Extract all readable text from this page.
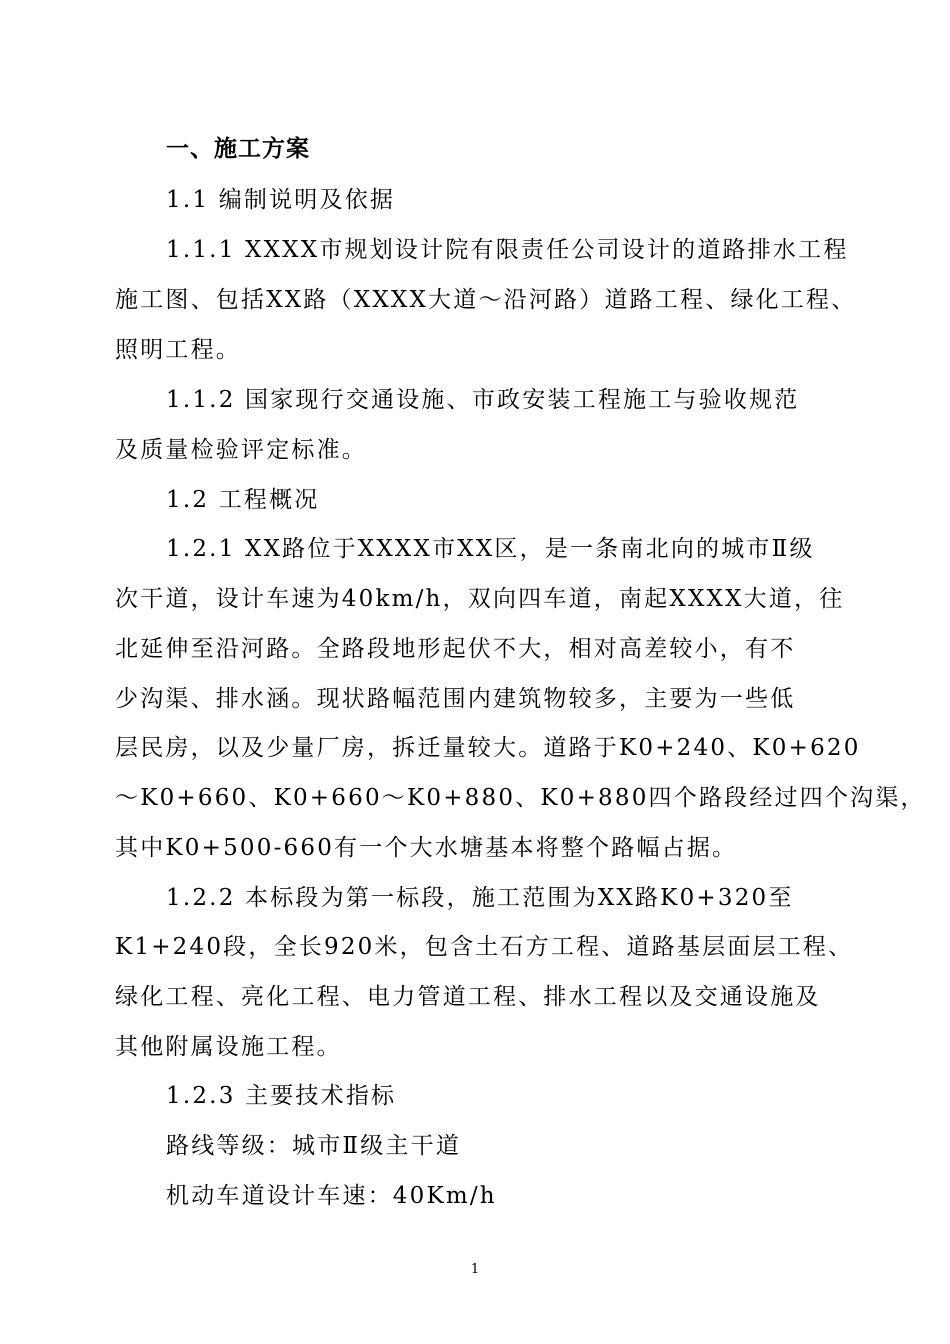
一、施工方案
1.1 编制说明及依据
1.1.1 XXXX市规划设计院有限责任公司设计的道路排水工程
施工图、包括XX路（XXXX大道～沿河路）道路工程、绿化工程、
照明工程。
1.1.2 国家现行交通设施、市政安装工程施工与验收规范
及质量检验评定标准。
1.2 工程概况
1.2.1 XX路位于XXXX市XX区，是一条南北向的城市Ⅱ级
次干道，设计车速为40km/h，双向四车道，南起XXXX大道，往
北延伸至沿河路。全路段地形起伏不大，相对高差较小，有不
少沟渠、排水涵。现状路幅范围内建筑物较多，主要为一些低
层民房，以及少量厂房，拆迁量较大。道路于K0+240、K0+620
～K0+660、K0+660～K0+880、K0+880四个路段经过四个沟渠，
其中K0+500-660有一个大水塘基本将整个路幅占据。
1.2.2 本标段为第一标段，施工范围为XX路K0+320至
K1+240段，全长920米，包含土石方工程、道路基层面层工程、
绿化工程、亮化工程、电力管道工程、排水工程以及交通设施及
其他附属设施工程。
1.2.3 主要技术指标
路线等级：城市Ⅱ级主干道
机动车道设计车速：40Km/h
1
